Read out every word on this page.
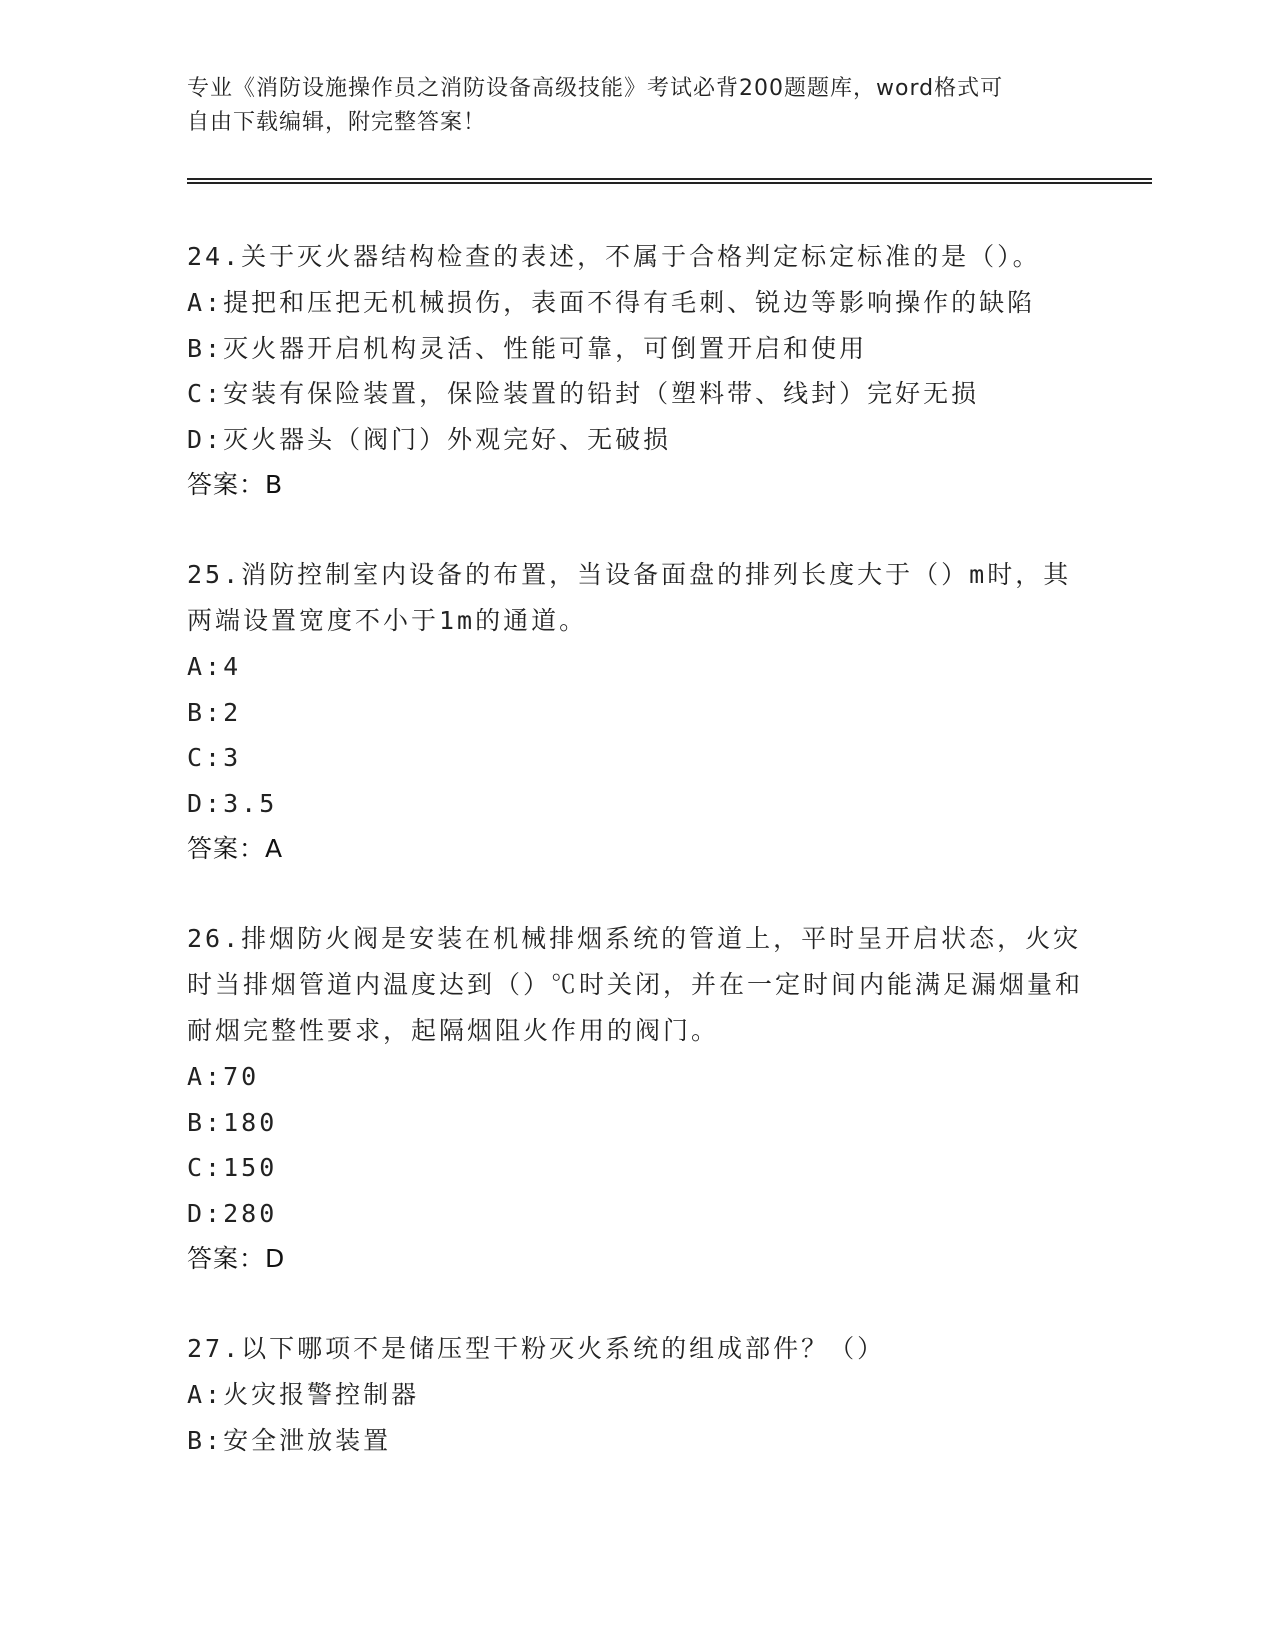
专业《消防设施操作员之消防设备高级技能》考试必背200题题库，word格式可
自由下载编辑，附完整答案！
24.关于灭火器结构检查的表述，不属于合格判定标定标准的是（）。
A:提把和压把无机械损伤，表面不得有毛刺、锐边等影响操作的缺陷
B:灭火器开启机构灵活、性能可靠，可倒置开启和使用
C:安装有保险装置，保险装置的铅封（塑料带、线封）完好无损
D:灭火器头（阀门）外观完好、无破损
答案：B
25.消防控制室内设备的布置，当设备面盘的排列长度大于（）m时，其两端设置宽度不小于1m的通道。
A:4
B:2
C:3
D:3.5
答案：A
26.排烟防火阀是安装在机械排烟系统的管道上，平时呈开启状态，火灾时当排烟管道内温度达到（）℃时关闭，并在一定时间内能满足漏烟量和耐烟完整性要求，起隔烟阻火作用的阀门。
A:70
B:180
C:150
D:280
答案：D
27.以下哪项不是储压型干粉灭火系统的组成部件？（）
A:火灾报警控制器
B:安全泄放装置
